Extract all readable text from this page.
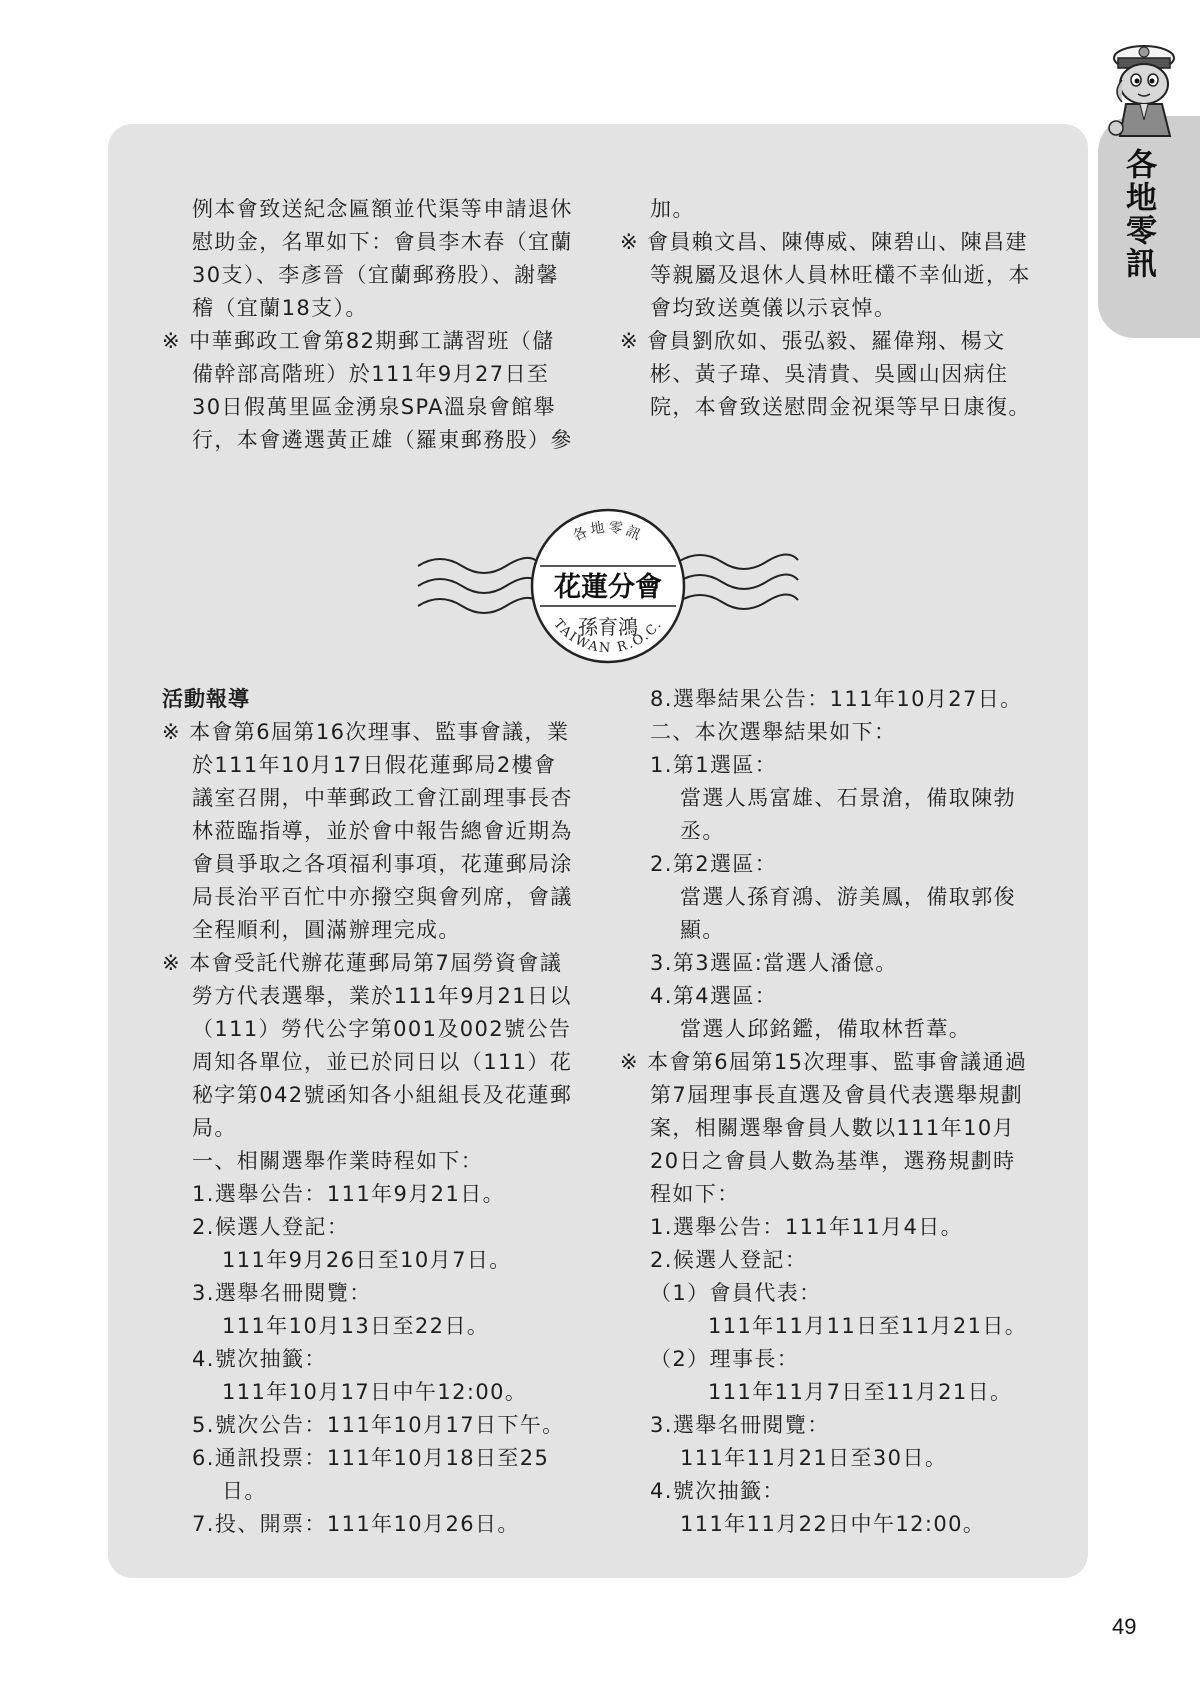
各地零訊

例本會致送紀念匾額並代渠等申請退休

慰助金，名單如下：會員李木春（宜蘭

30支）、李彥晉（宜蘭郵務股）、謝馨

稽（宜蘭18支）。

※ 中華郵政工會第82期郵工講習班（儲

備幹部高階班）於111年9月27日至

30日假萬里區金湧泉SPA溫泉會館舉

行，本會遴選黃正雄（羅東郵務股）參

加。

※ 會員賴文昌、陳傳威、陳碧山、陳昌建

等親屬及退休人員林旺欉不幸仙逝，本

會均致送奠儀以示哀悼。

※ 會員劉欣如、張弘毅、羅偉翔、楊文

彬、黃子瑋、吳清貴、吳國山因病住

院，本會致送慰問金祝渠等早日康復。

各地零訊
花蓮分會
孫育鴻
TAIWAN R.O.C.

活動報導

※ 本會第6屆第16次理事、監事會議，業

於111年10月17日假花蓮郵局2樓會

議室召開，中華郵政工會江副理事長杏

林蒞臨指導，並於會中報告總會近期為

會員爭取之各項福利事項，花蓮郵局涂

局長治平百忙中亦撥空與會列席，會議

全程順利，圓滿辦理完成。

※ 本會受託代辦花蓮郵局第7屆勞資會議

勞方代表選舉，業於111年9月21日以

（111）勞代公字第001及002號公告

周知各單位，並已於同日以（111）花

秘字第042號函知各小組組長及花蓮郵

局。

一、相關選舉作業時程如下：

1.選舉公告：111年9月21日。

2.候選人登記：

111年9月26日至10月7日。

3.選舉名冊閱覽：

111年10月13日至22日。

4.號次抽籤：

111年10月17日中午12:00。

5.號次公告：111年10月17日下午。

6.通訊投票：111年10月18日至25

日。

7.投、開票：111年10月26日。

8.選舉結果公告：111年10月27日。

二、本次選舉結果如下：

1.第1選區：

當選人馬富雄、石景滄，備取陳勃

丞。

2.第2選區：

當選人孫育鴻、游美鳳，備取郭俊

顯。

3.第3選區:當選人潘億。

4.第4選區：

當選人邱銘鑑，備取林哲葦。

※ 本會第6屆第15次理事、監事會議通過

第7屆理事長直選及會員代表選舉規劃

案，相關選舉會員人數以111年10月

20日之會員人數為基準，選務規劃時

程如下：

1.選舉公告：111年11月4日。

2.候選人登記：

（1）會員代表：

111年11月11日至11月21日。

（2）理事長：

111年11月7日至11月21日。

3.選舉名冊閱覽：

111年11月21日至30日。

4.號次抽籤：

111年11月22日中午12:00。

49
